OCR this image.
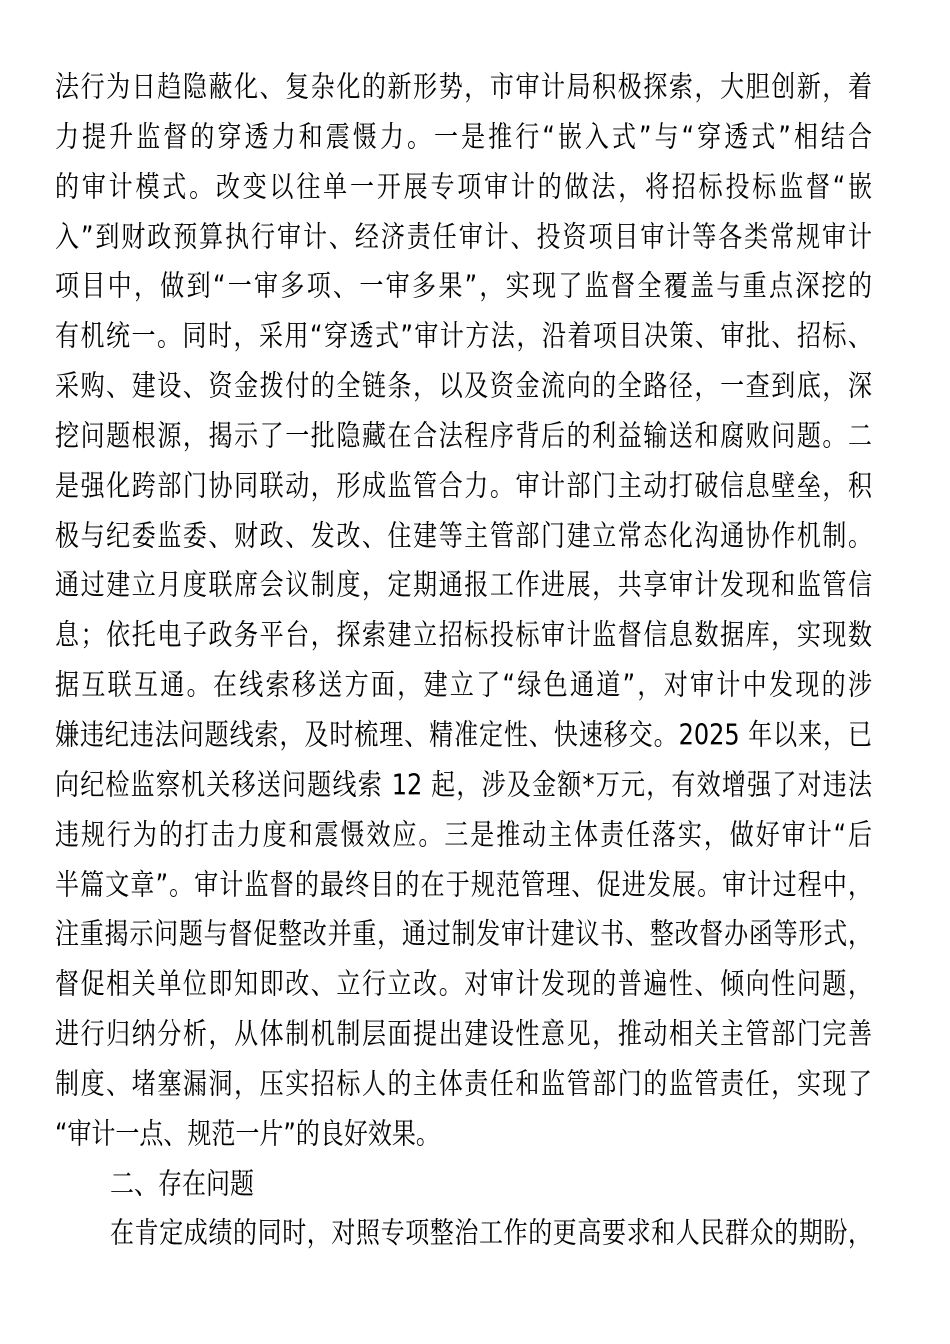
法行为日趋隐蔽化、复杂化的新形势，市审计局积极探索，大胆创新，着
力提升监督的穿透力和震慑力。一是推行“嵌入式”与“穿透式”相结合
的审计模式。改变以往单一开展专项审计的做法，将招标投标监督“嵌
入”到财政预算执行审计、经济责任审计、投资项目审计等各类常规审计
项目中，做到“一审多项、一审多果”，实现了监督全覆盖与重点深挖的
有机统一。同时，采用“穿透式”审计方法，沿着项目决策、审批、招标、
采购、建设、资金拨付的全链条，以及资金流向的全路径，一查到底，深
挖问题根源，揭示了一批隐藏在合法程序背后的利益输送和腐败问题。二
是强化跨部门协同联动，形成监管合力。审计部门主动打破信息壁垒，积
极与纪委监委、财政、发改、住建等主管部门建立常态化沟通协作机制。
通过建立月度联席会议制度，定期通报工作进展，共享审计发现和监管信
息；依托电子政务平台，探索建立招标投标审计监督信息数据库，实现数
据互联互通。在线索移送方面，建立了“绿色通道”，对审计中发现的涉
嫌违纪违法问题线索，及时梳理、精准定性、快速移交。2025 年以来，已
向纪检监察机关移送问题线索 12 起，涉及金额*万元，有效增强了对违法
违规行为的打击力度和震慑效应。三是推动主体责任落实，做好审计“后
半篇文章”。审计监督的最终目的在于规范管理、促进发展。审计过程中，
注重揭示问题与督促整改并重，通过制发审计建议书、整改督办函等形式，
督促相关单位即知即改、立行立改。对审计发现的普遍性、倾向性问题，
进行归纳分析，从体制机制层面提出建设性意见，推动相关主管部门完善
制度、堵塞漏洞，压实招标人的主体责任和监管部门的监管责任，实现了
“审计一点、规范一片”的良好效果。
二、存在问题
在肯定成绩的同时，对照专项整治工作的更高要求和人民群众的期盼，
